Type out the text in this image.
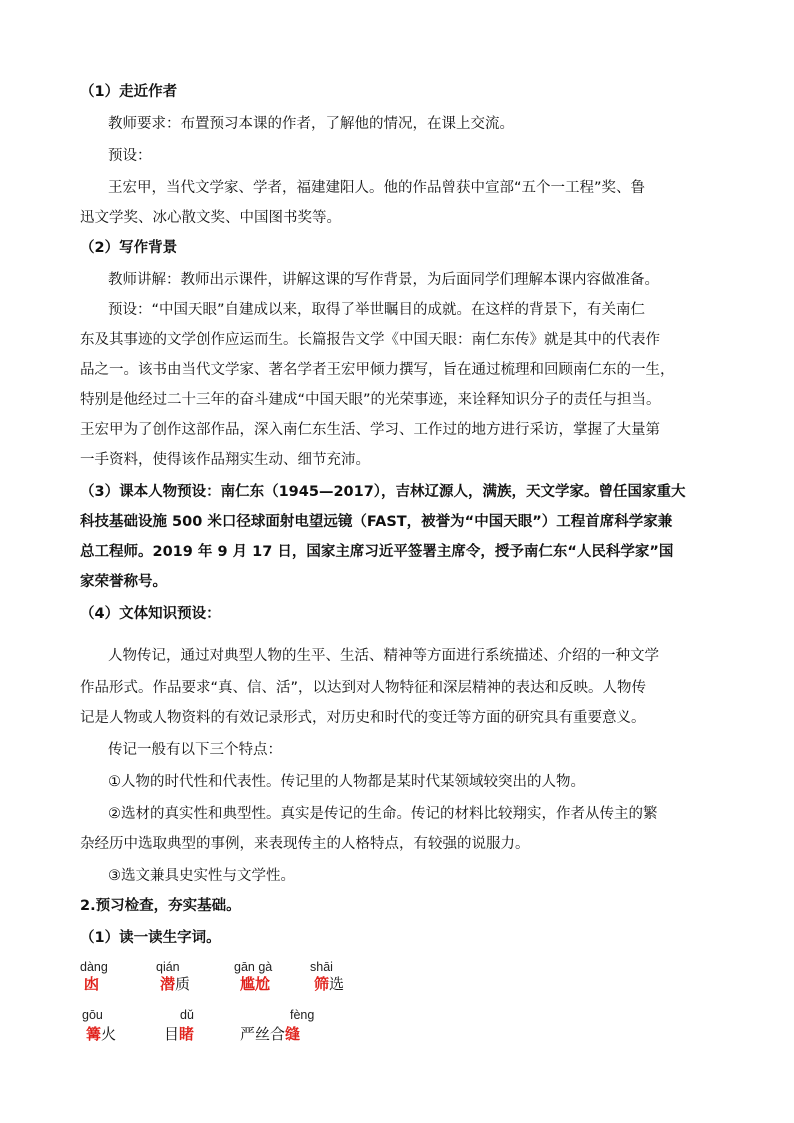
（1）走近作者
教师要求：布置预习本课的作者，了解他的情况，在课上交流。
预设：
王宏甲，当代文学家、学者，福建建阳人。他的作品曾获中宣部“五个一工程”奖、鲁
迅文学奖、冰心散文奖、中国图书奖等。
（2）写作背景
教师讲解：教师出示课件，讲解这课的写作背景，为后面同学们理解本课内容做准备。
预设：“中国天眼”自建成以来，取得了举世瞩目的成就。在这样的背景下，有关南仁
东及其事迹的文学创作应运而生。长篇报告文学《中国天眼：南仁东传》就是其中的代表作
品之一。该书由当代文学家、著名学者王宏甲倾力撰写，旨在通过梳理和回顾南仁东的一生，
特别是他经过二十三年的奋斗建成“中国天眼”的光荣事迹，来诠释知识分子的责任与担当。
王宏甲为了创作这部作品，深入南仁东生活、学习、工作过的地方进行采访，掌握了大量第
一手资料，使得该作品翔实生动、细节充沛。
（3）课本人物预设：南仁东（1945—2017），吉林辽源人，满族，天文学家。曾任国家重大
科技基础设施 500 米口径球面射电望远镜（FAST，被誉为“中国天眼”）工程首席科学家兼
总工程师。2019 年 9 月 17 日，国家主席习近平签署主席令，授予南仁东“人民科学家”国
家荣誉称号。
（4）文体知识预设：
人物传记，通过对典型人物的生平、生活、精神等方面进行系统描述、介绍的一种文学
作品形式。作品要求“真、信、活”，以达到对人物特征和深层精神的表达和反映。人物传
记是人物或人物资料的有效记录形式，对历史和时代的变迁等方面的研究具有重要意义。
传记一般有以下三个特点：
①人物的时代性和代表性。传记里的人物都是某时代某领域较突出的人物。
②选材的真实性和典型性。真实是传记的生命。传记的材料比较翔实，作者从传主的繁
杂经历中选取典型的事例，来表现传主的人格特点，有较强的说服力。
③选文兼具史实性与文学性。
2.预习检查，夯实基础。
（1）读一读生字词。
dàng
凼
qián
潜质
gān gà
尴尬
shāi
筛选
gōu
篝火
dǔ
目睹
fèng
严丝合缝
